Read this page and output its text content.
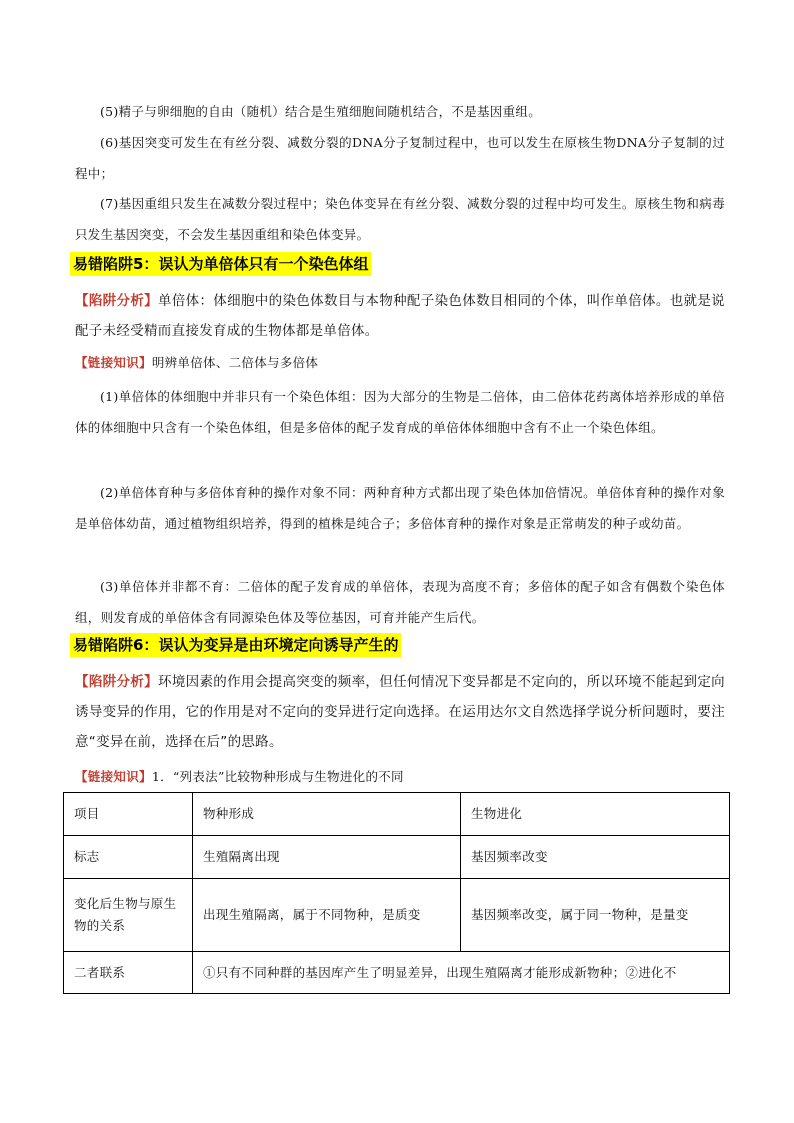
(5)精子与卵细胞的自由（随机）结合是生殖细胞间随机结合，不是基因重组。

(6)基因突变可发生在有丝分裂、减数分裂的DNA分子复制过程中，也可以发生在原核生物DNA分子复制的过程中；

(7)基因重组只发生在减数分裂过程中；染色体变异在有丝分裂、减数分裂的过程中均可发生。原核生物和病毒只发生基因突变，不会发生基因重组和染色体变异。

易错陷阱5：误认为单倍体只有一个染色体组

【陷阱分析】单倍体：体细胞中的染色体数目与本物种配子染色体数目相同的个体，叫作单倍体。也就是说配子未经受精而直接发育成的生物体都是单倍体。

【链接知识】明辨单倍体、二倍体与多倍体

(1)单倍体的体细胞中并非只有一个染色体组：因为大部分的生物是二倍体，由二倍体花药离体培养形成的单倍体的体细胞中只含有一个染色体组，但是多倍体的配子发育成的单倍体体细胞中含有不止一个染色体组。

(2)单倍体育种与多倍体育种的操作对象不同：两种育种方式都出现了染色体加倍情况。单倍体育种的操作对象是单倍体幼苗，通过植物组织培养，得到的植株是纯合子；多倍体育种的操作对象是正常萌发的种子或幼苗。

(3)单倍体并非都不育：二倍体的配子发育成的单倍体，表现为高度不育；多倍体的配子如含有偶数个染色体组，则发育成的单倍体含有同源染色体及等位基因，可育并能产生后代。

易错陷阱6：误认为变异是由环境定向诱导产生的

【陷阱分析】环境因素的作用会提高突变的频率，但任何情况下变异都是不定向的，所以环境不能起到定向诱导变异的作用，它的作用是对不定向的变异进行定向选择。在运用达尔文自然选择学说分析问题时，要注意“变异在前，选择在后”的思路。

【链接知识】1．“列表法”比较物种形成与生物进化的不同

项目	物种形成	生物进化
标志	生殖隔离出现	基因频率改变
变化后生物与原生物的关系	出现生殖隔离，属于不同物种，是质变	基因频率改变，属于同一物种，是量变
二者联系	①只有不同种群的基因库产生了明显差异，出现生殖隔离才能形成新物种；②进化不	
